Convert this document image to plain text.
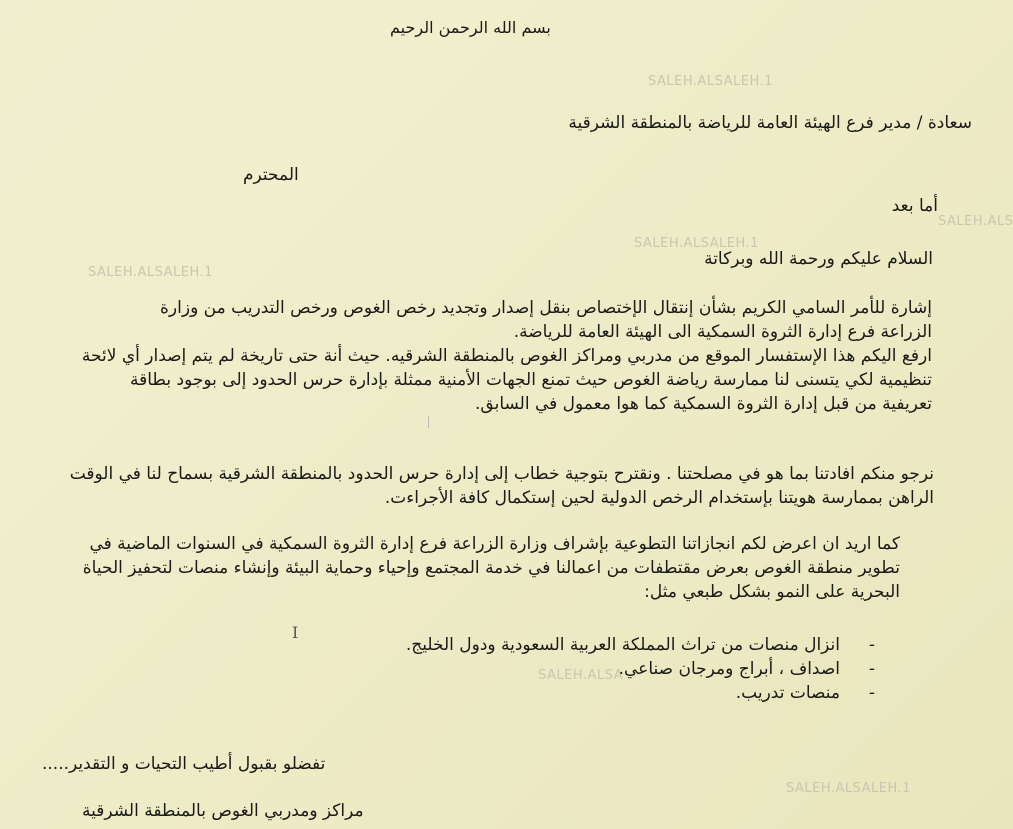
SALEH.ALSALEH.1
SALEH.ALS
SALEH.ALSALEH.1
SALEH.ALSALEH.1
SALEH.ALSA
SALEH.ALSALEH.1
بسم الله الرحمن الرحيم
سعادة / مدير فرع الهيئة العامة للرياضة بالمنطقة الشرقية
المحترم
أما بعد
السلام عليكم ورحمة الله وبركاتة
إشارة للأمر السامي الكريم بشأن إنتقال الإختصاص بنقل إصدار وتجديد رخص الغوص ورخص التدريب من وزارة
الزراعة فرع إدارة الثروة السمكية الى الهيئة العامة للرياضة.
ارفع اليكم هذا الإستفسار الموقع من مدربي ومراكز الغوص بالمنطقة الشرقيه. حيث أنة حتى تاريخة لم يتم إصدار أي لائحة
تنظيمية لكي يتسنى لنا ممارسة رياضة الغوص حيث تمنع الجهات الأمنية ممثلة بإدارة حرس الحدود إلى بوجود بطاقة
تعريفية من قبل إدارة الثروة السمكية كما هوا معمول في السابق.
نرجو منكم افادتنا بما هو في مصلحتنا . ونقترح بتوجية خطاب إلى إدارة حرس الحدود بالمنطقة الشرقية بسماح لنا في الوقت
الراهن بممارسة هويتنا بإستخدام الرخص الدولية لحين إستكمال كافة الأجراءت.
كما اريد ان اعرض لكم انجازاتنا التطوعية بإشراف وزارة الزراعة فرع إدارة الثروة السمكية في السنوات الماضية في
تطوير منطقة الغوص بعرض مقتطفات من اعمالنا في خدمة المجتمع وإحياء وحماية البيئة وإنشاء منصات لتحفيز الحياة
البحرية على النمو بشكل طبعي مثل:
I
-
انزال منصات من تراث المملكة العربية السعودية ودول الخليج.
-
اصداف ، أبراج ومرجان صناعي.
-
منصات تدريب.
تفضلو بقبول أطيب التحيات و التقدير.....
مراكز ومدربي الغوص بالمنطقة الشرقية
